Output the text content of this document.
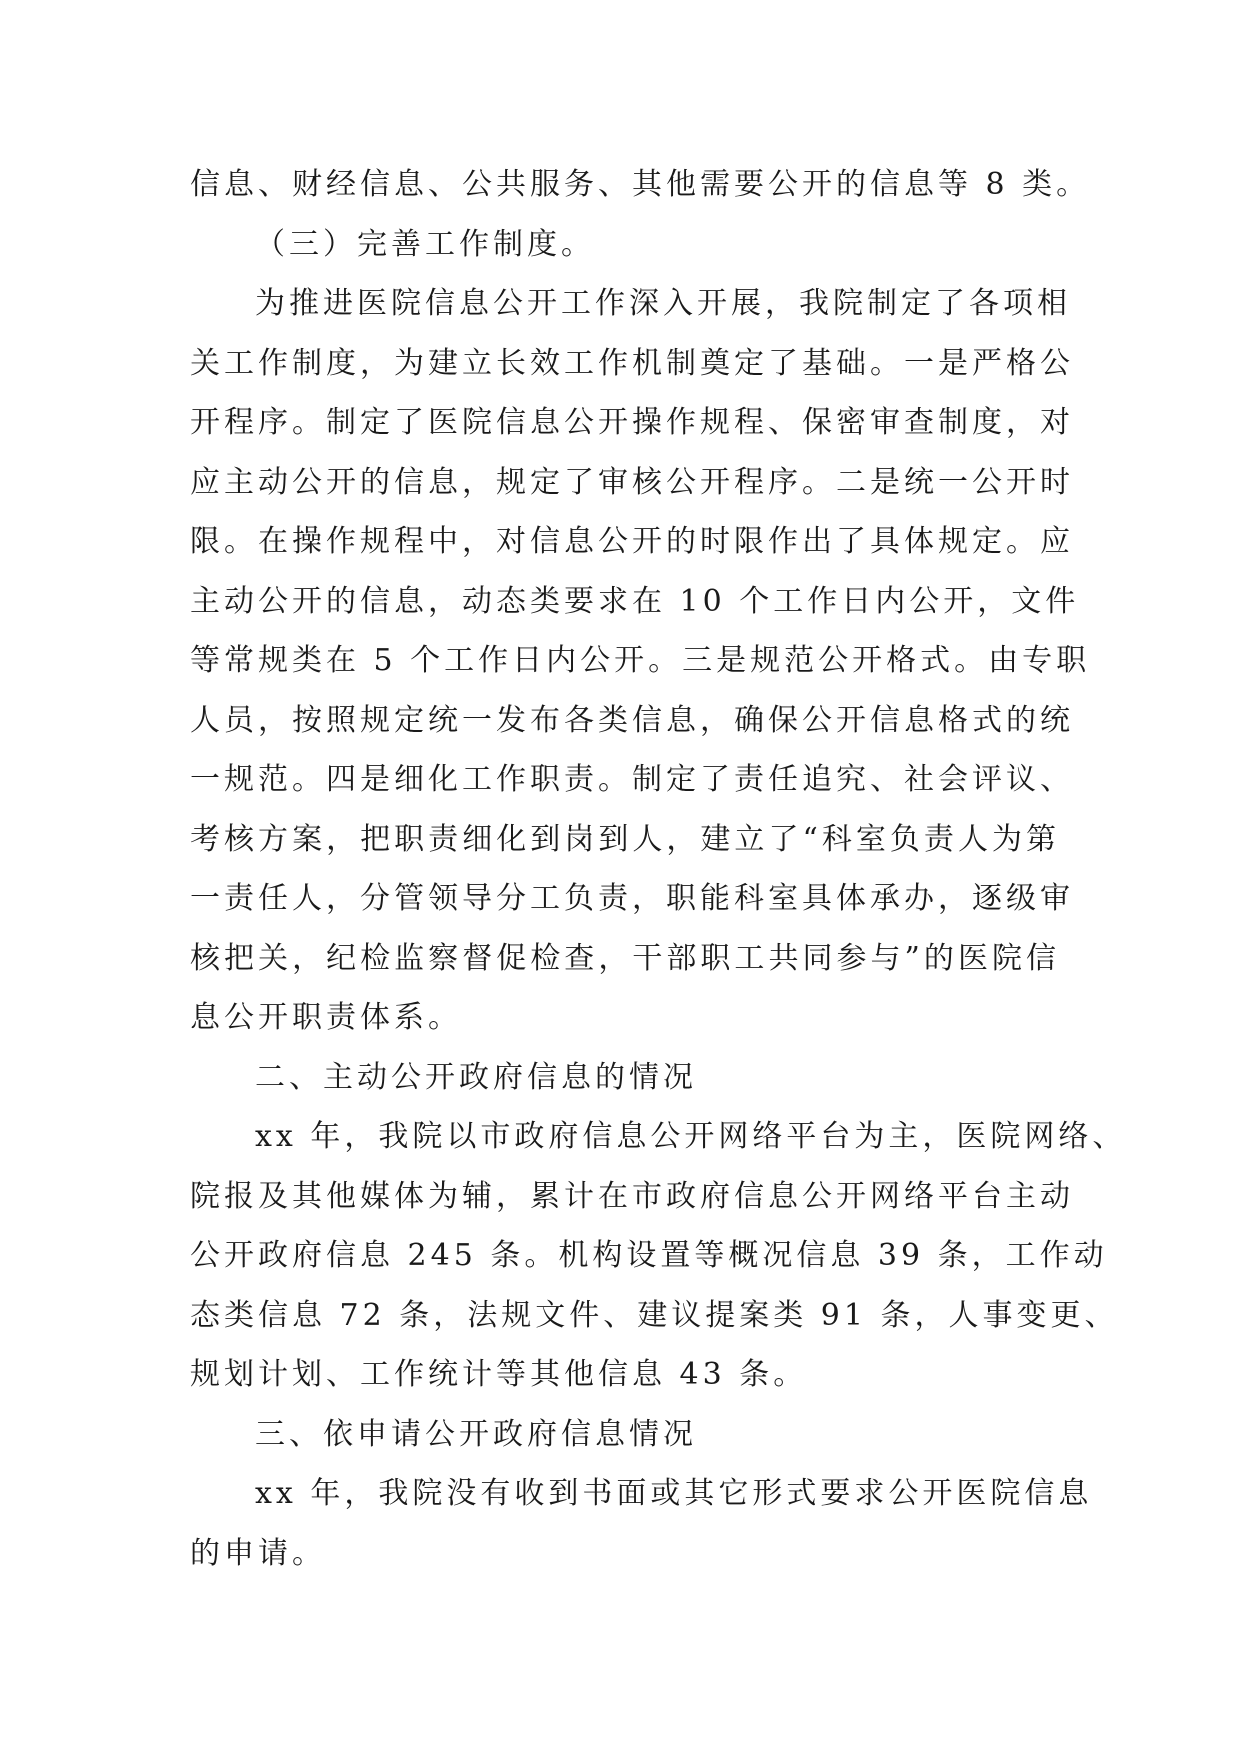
信息、财经信息、公共服务、其他需要公开的信息等 8 类。
（三）完善工作制度。
为推进医院信息公开工作深入开展，我院制定了各项相
关工作制度，为建立长效工作机制奠定了基础。一是严格公
开程序。制定了医院信息公开操作规程、保密审查制度，对
应主动公开的信息，规定了审核公开程序。二是统一公开时
限。在操作规程中，对信息公开的时限作出了具体规定。应
主动公开的信息，动态类要求在 10 个工作日内公开，文件
等常规类在 5 个工作日内公开。三是规范公开格式。由专职
人员，按照规定统一发布各类信息，确保公开信息格式的统
一规范。四是细化工作职责。制定了责任追究、社会评议、
考核方案，把职责细化到岗到人，建立了“科室负责人为第
一责任人，分管领导分工负责，职能科室具体承办，逐级审
核把关，纪检监察督促检查，干部职工共同参与”的医院信
息公开职责体系。
二、主动公开政府信息的情况
xx 年，我院以市政府信息公开网络平台为主，医院网络、
院报及其他媒体为辅，累计在市政府信息公开网络平台主动
公开政府信息 245 条。机构设置等概况信息 39 条，工作动
态类信息 72 条，法规文件、建议提案类 91 条，人事变更、
规划计划、工作统计等其他信息 43 条。
三、依申请公开政府信息情况
xx 年，我院没有收到书面或其它形式要求公开医院信息
的申请。
